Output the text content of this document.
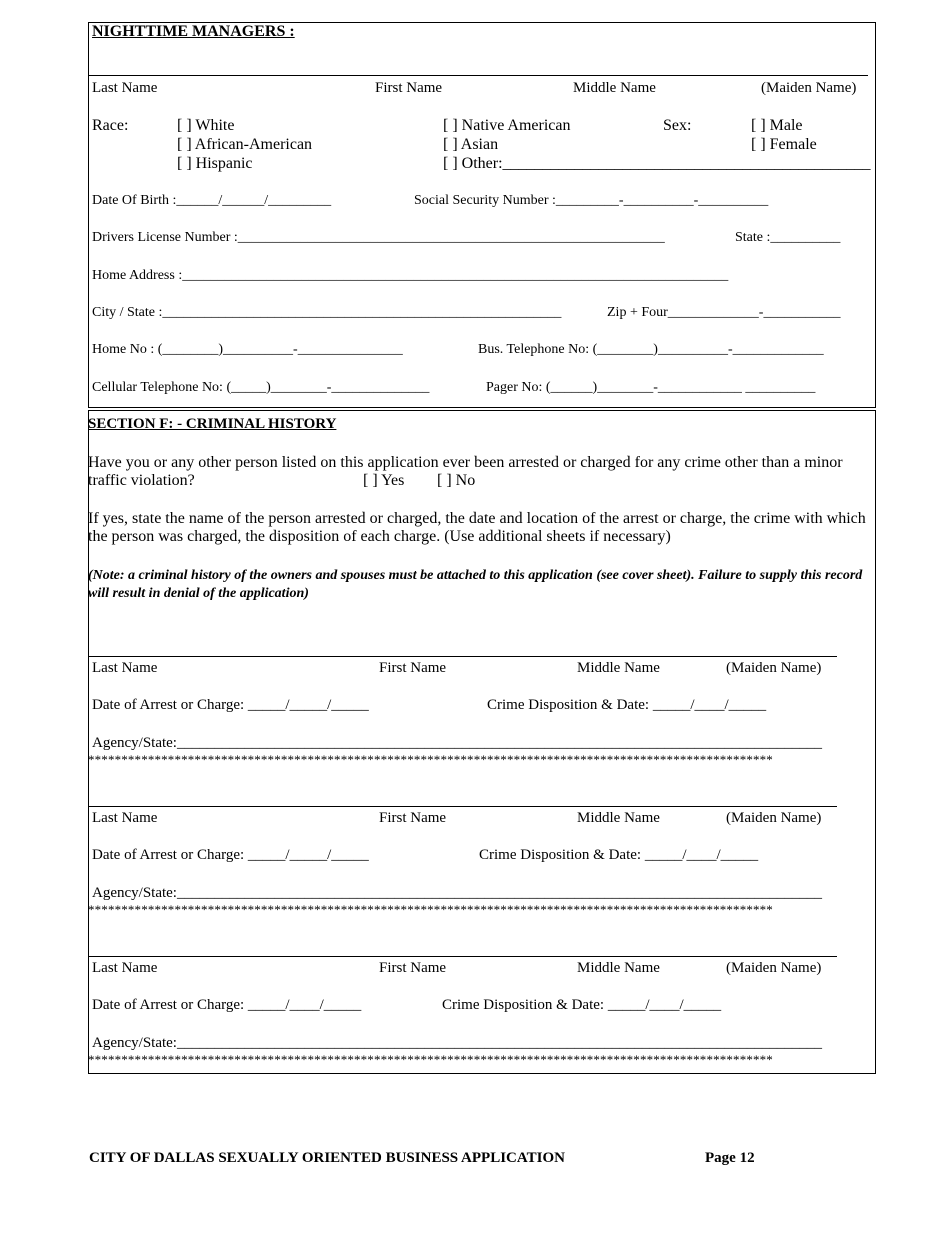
NIGHTTIME MANAGERS :
Last Name	First Name	Middle Name	(Maiden Name)
Race:	[ ] White
[ ] African-American
[ ] Hispanic
[ ] Native American
[ ] Asian
[ ] Other:______________________________________________
Sex:	[ ] Male
[ ] Female
Date Of Birth :______/______/_________	Social Security Number :_________-__________-__________
Drivers License Number :_____________________________________________________________	State :__________
Home Address :______________________________________________________________________________
City / State :_________________________________________________________	Zip + Four_____________-___________
Home No : (________)__________-_______________	Bus. Telephone No: (________)__________-_____________
Cellular Telephone No: (_____)________-______________	Pager No: (______)________-____________ __________
SECTION F: - CRIMINAL HISTORY
Have you or any other person listed on this application ever been arrested or charged for any crime other than a minor traffic violation?	[ ] Yes [ ] No
If yes, state the name of the person arrested or charged, the date and location of the arrest or charge, the crime with which the person was charged, the disposition of each charge. (Use additional sheets if necessary)
(Note: a criminal history of the owners and spouses must be attached to this application (see cover sheet). Failure to supply this record will result in denial of the application)
Last Name	First Name	Middle Name	(Maiden Name)
Date of Arrest or Charge: _____/_____/_____	Crime Disposition & Date: _____/____/_____
Agency/State:______________________________________________________________________________________
*******************************************************************************************************
Last Name	First Name	Middle Name	(Maiden Name)
Date of Arrest or Charge: _____/_____/_____	Crime Disposition & Date: _____/____/_____
Agency/State:______________________________________________________________________________________
*******************************************************************************************************
Last Name	First Name	Middle Name	(Maiden Name)
Date of Arrest or Charge: _____/____/_____	Crime Disposition & Date: _____/____/_____
Agency/State:______________________________________________________________________________________
*******************************************************************************************************
CITY OF DALLAS SEXUALLY ORIENTED BUSINESS APPLICATION	Page 12
